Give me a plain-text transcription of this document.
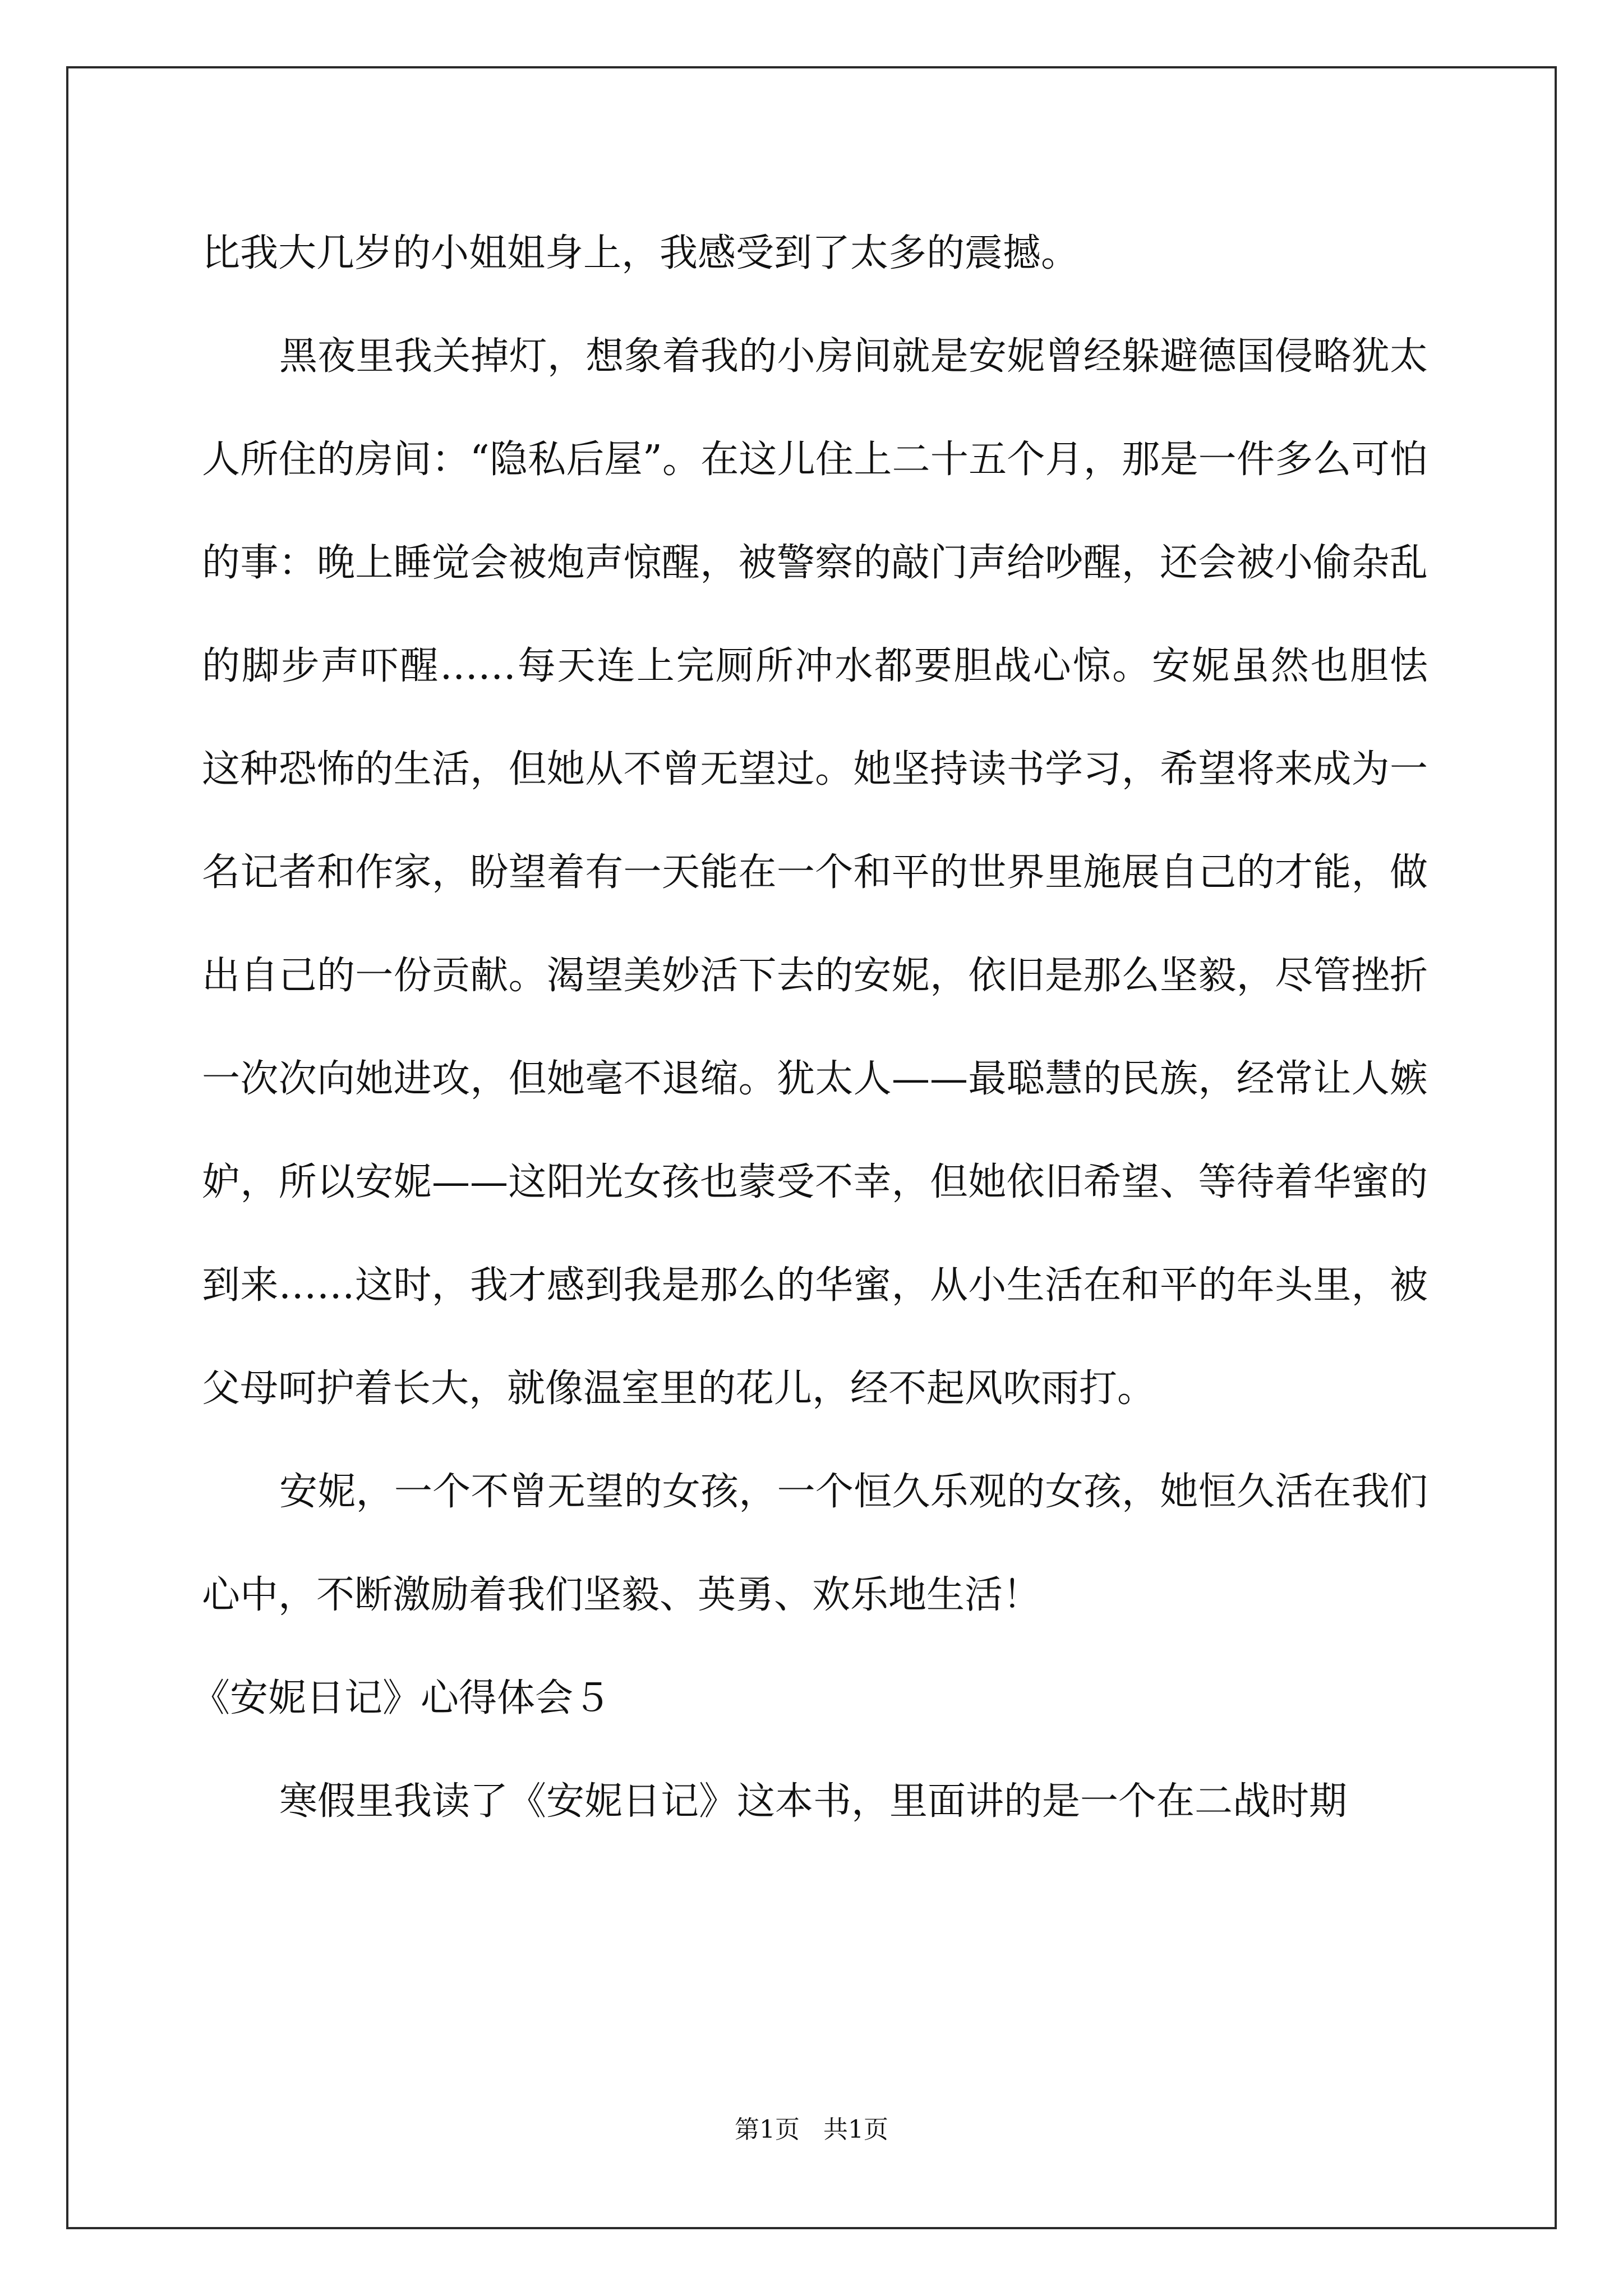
比我大几岁的小姐姐身上，我感受到了太多的震撼。

黑夜里我关掉灯，想象着我的小房间就是安妮曾经躲避德国侵略犹太人所住的房间：“隐私后屋”。在这儿住上二十五个月，那是一件多么可怕的事：晚上睡觉会被炮声惊醒，被警察的敲门声给吵醒，还会被小偷杂乱的脚步声吓醒……每天连上完厕所冲水都要胆战心惊。安妮虽然也胆怯    这种恐怖的生活，但她从不曾无望过。她坚持读书学习，希望将来成为一名记者和作家，盼望着有一天能在一个和平的世界里施展自己的才能，做出自己的一份贡献。渴望美妙活下去的安妮，依旧是那么坚毅，尽管挫折一次次向她进攻，但她毫不退缩。犹太人——最聪慧的民族，经常让人嫉妒，所以安妮——这阳光女孩也蒙受不幸，但她依旧希望、等待着华蜜的到来……这时，我才感到我是那么的华蜜，从小生活在和平的年头里，被父母呵护着长大，就像温室里的花儿，经不起风吹雨打。

安妮，一个不曾无望的女孩，一个恒久乐观的女孩，她恒久活在我们心中，不断激励着我们坚毅、英勇、欢乐地生活！

《安妮日记》心得体会５

寒假里我读了《安妮日记》这本书，里面讲的是一个在二战时期

第1页   共1页
